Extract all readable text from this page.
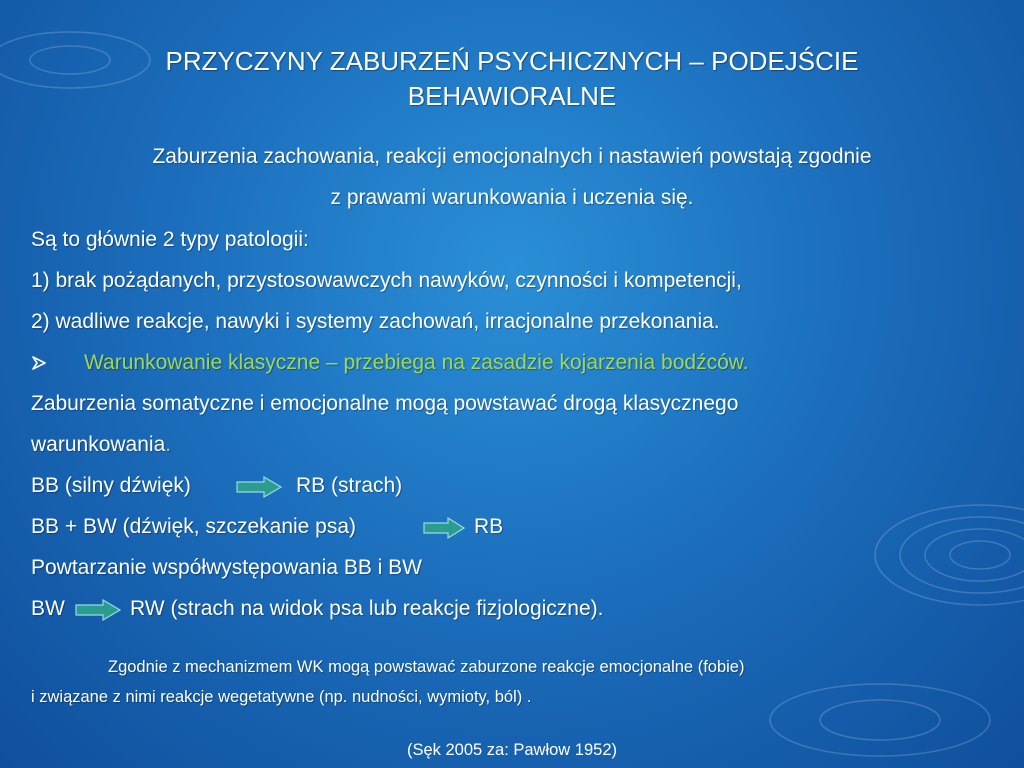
PRZYCZYNY ZABURZEŃ PSYCHICZNYCH – PODEJŚCIE
BEHAWIORALNE
Zaburzenia zachowania, reakcji emocjonalnych i nastawień powstają zgodnie
z prawami warunkowania i uczenia się.
Są to głównie 2 typy patologii:
1) brak pożądanych, przystosowawczych nawyków, czynności i kompetencji,
2) wadliwe reakcje, nawyki i systemy zachowań, irracjonalne przekonania.
Warunkowanie klasyczne – przebiega na zasadzie kojarzenia bodźców.
Zaburzenia somatyczne i emocjonalne mogą powstawać drogą klasycznego
warunkowania.
BB (silny dźwięk)	RB (strach)
BB + BW (dźwięk, szczekanie psa)	RB
Powtarzanie współwystępowania BB i BW
BW	RW (strach na widok psa lub reakcje fizjologiczne).
Zgodnie z mechanizmem WK mogą powstawać zaburzone reakcje emocjonalne (fobie)
i związane z nimi reakcje wegetatywne (np. nudności, wymioty, ból) .
(Sęk 2005 za: Pawłow 1952)
